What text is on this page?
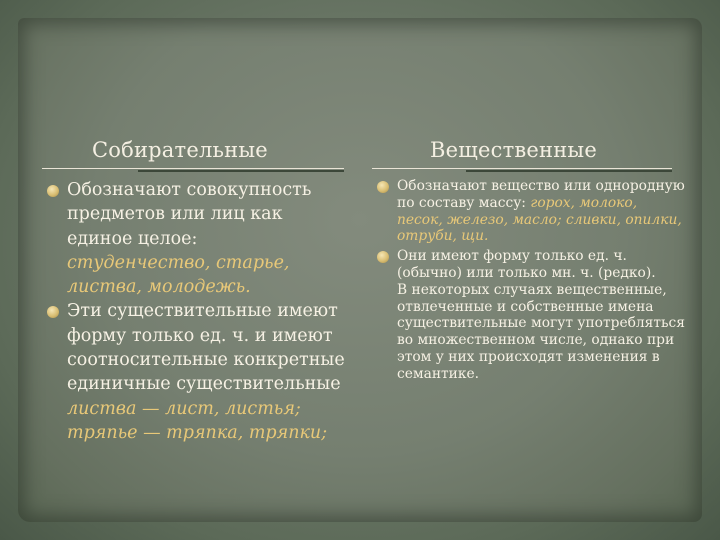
Собирательные	Вещественные
Обозначают совокупность предметов или лиц как единое целое: студенчество, старье, листва, молодежь.
Эти существительные имеют форму только ед. ч. и имеют соотносительные конкретные единичные существительные листва — лист, листья; тряпье — тряпка, тряпки;
Обозначают вещество или однородную по составу массу: горох, молоко, песок, железо, масло; сливки, опилки, отруби, щи.
Они имеют форму только ед. ч. (обычно) или только мн. ч. (редко).
В некоторых случаях вещественные, отвлеченные и собственные имена существительные могут употребляться во множественном числе, однако при этом у них происходят изменения в семантике.
